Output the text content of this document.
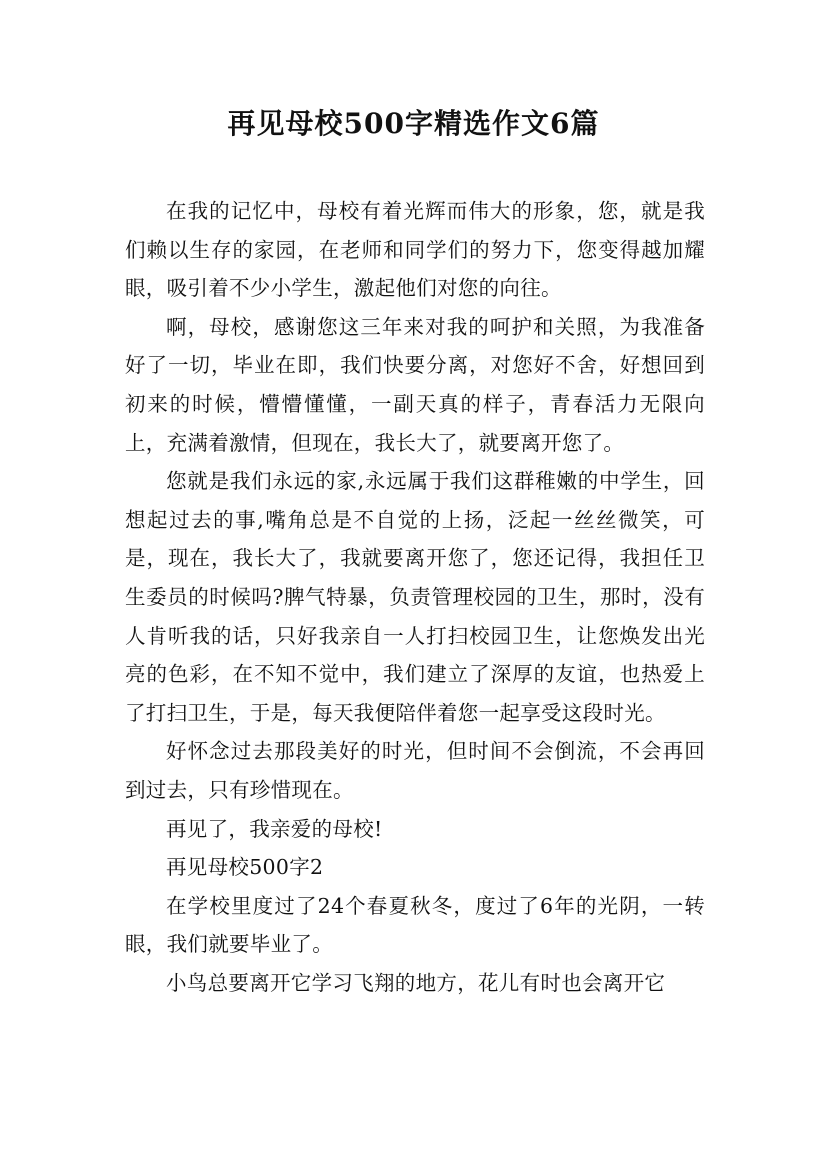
再见母校500字精选作文6篇

在我的记忆中，母校有着光辉而伟大的形象，您，就是我们赖以生存的家园，在老师和同学们的努力下，您变得越加耀眼，吸引着不少小学生，激起他们对您的向往。

啊，母校，感谢您这三年来对我的呵护和关照，为我准备好了一切，毕业在即，我们快要分离，对您好不舍，好想回到初来的时候，懵懵懂懂，一副天真的样子，青春活力无限向上，充满着激情，但现在，我长大了，就要离开您了。

您就是我们永远的家,永远属于我们这群稚嫩的中学生，回想起过去的事,嘴角总是不自觉的上扬，泛起一丝丝微笑，可是，现在，我长大了，我就要离开您了，您还记得，我担任卫生委员的时候吗?脾气特暴，负责管理校园的卫生，那时，没有人肯听我的话，只好我亲自一人打扫校园卫生，让您焕发出光亮的色彩，在不知不觉中，我们建立了深厚的友谊，也热爱上了打扫卫生，于是，每天我便陪伴着您一起享受这段时光。

好怀念过去那段美好的时光，但时间不会倒流，不会再回到过去，只有珍惜现在。

再见了，我亲爱的母校!

再见母校500字2

在学校里度过了24个春夏秋冬，度过了6年的光阴，一转眼，我们就要毕业了。

小鸟总要离开它学习飞翔的地方，花儿有时也会离开它
